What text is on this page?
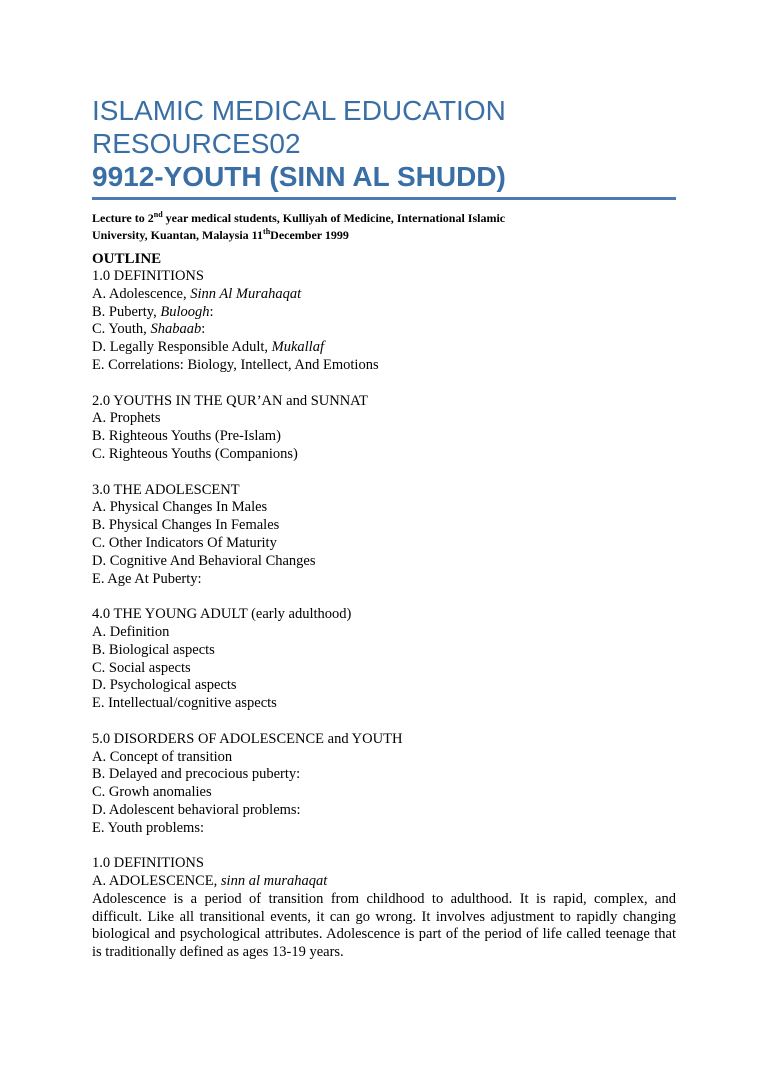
ISLAMIC MEDICAL EDUCATION
RESOURCES02
9912-YOUTH (SINN AL SHUDD)
Lecture to 2nd year medical students, Kulliyah of Medicine, International Islamic
University, Kuantan, Malaysia 11thDecember 1999
OUTLINE
1.0 DEFINITIONS
A. Adolescence, Sinn Al Murahaqat
B. Puberty, Buloogh:
C. Youth, Shabaab:
D. Legally Responsible Adult, Mukallaf
E. Correlations: Biology, Intellect, And Emotions
2.0 YOUTHS IN THE QUR’AN and SUNNAT
A. Prophets
B. Righteous Youths (Pre-Islam)
C. Righteous Youths (Companions)
3.0 THE ADOLESCENT
A. Physical Changes In Males
B. Physical Changes In Females
C. Other Indicators Of Maturity
D. Cognitive And Behavioral Changes
E. Age At Puberty:
4.0 THE YOUNG ADULT (early adulthood)
A. Definition
B. Biological aspects
C. Social aspects
D. Psychological aspects
E. Intellectual/cognitive aspects
5.0 DISORDERS OF ADOLESCENCE and YOUTH
A. Concept of transition
B. Delayed and precocious puberty:
C. Growh anomalies
D. Adolescent behavioral problems:
E. Youth problems:
1.0 DEFINITIONS
A. ADOLESCENCE, sinn al murahaqat
Adolescence is a period of transition from childhood to adulthood. It is rapid, complex, and difficult. Like all transitional events, it can go wrong. It involves adjustment to rapidly changing biological and psychological attributes. Adolescence is part of the period of life called teenage that is traditionally defined as ages 13-19 years.
